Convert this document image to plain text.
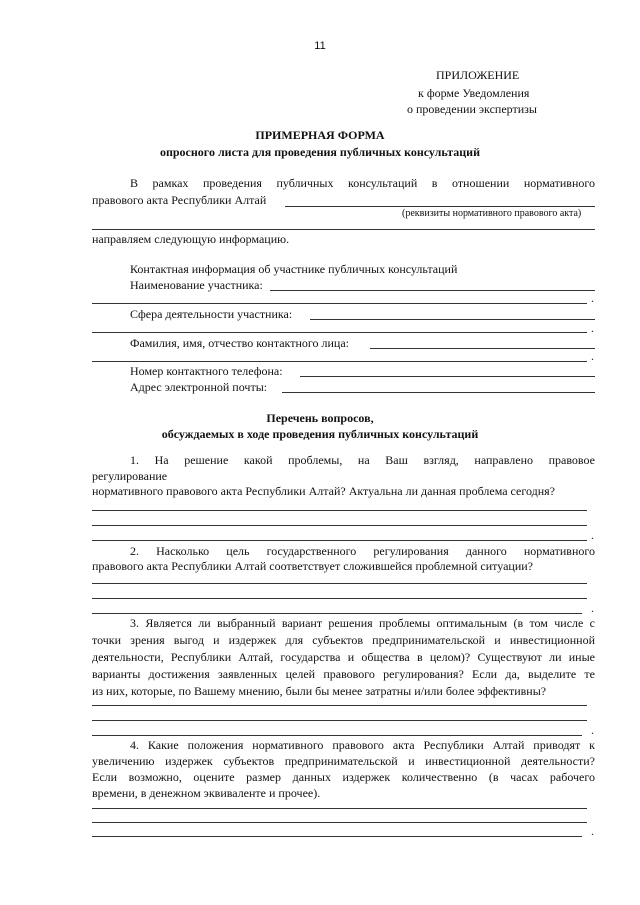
11
ПРИЛОЖЕНИЕ
к форме Уведомления
о проведении экспертизы
ПРИМЕРНАЯ ФОРМА
опросного листа для проведения публичных консультаций
В рамках проведения публичных консультаций в отношении нормативного
правового акта Республики Алтай
(реквизиты нормативного правового акта)
направляем следующую информацию.
Контактная информация об участнике публичных консультаций
Наименование участника:
.
Сфера деятельности участника:
.
Фамилия, имя, отчество контактного лица:
.
Номер контактного телефона:
Адрес электронной почты:
Перечень вопросов,
обсуждаемых в ходе проведения публичных консультаций
1. На решение какой проблемы, на Ваш взгляд, направлено правовое
регулирование
нормативного правового акта Республики Алтай? Актуальна ли данная проблема сегодня?
.
2. Насколько цель государственного регулирования данного нормативного
правового акта Республики Алтай соответствует сложившейся проблемной ситуации?
.
3. Является ли выбранный вариант решения проблемы оптимальным (в том числе с
точки зрения выгод и издержек для субъектов предпринимательской и инвестиционной
деятельности, Республики Алтай, государства и общества в целом)? Существуют ли иные
варианты достижения заявленных целей правового регулирования? Если да, выделите те
из них, которые, по Вашему мнению, были бы менее затратны и/или более эффективны?
.
4. Какие положения нормативного правового акта Республики Алтай приводят к
увеличению издержек субъектов предпринимательской и инвестиционной деятельности?
Если возможно, оцените размер данных издержек количественно (в часах рабочего
времени, в денежном эквиваленте и прочее).
.
